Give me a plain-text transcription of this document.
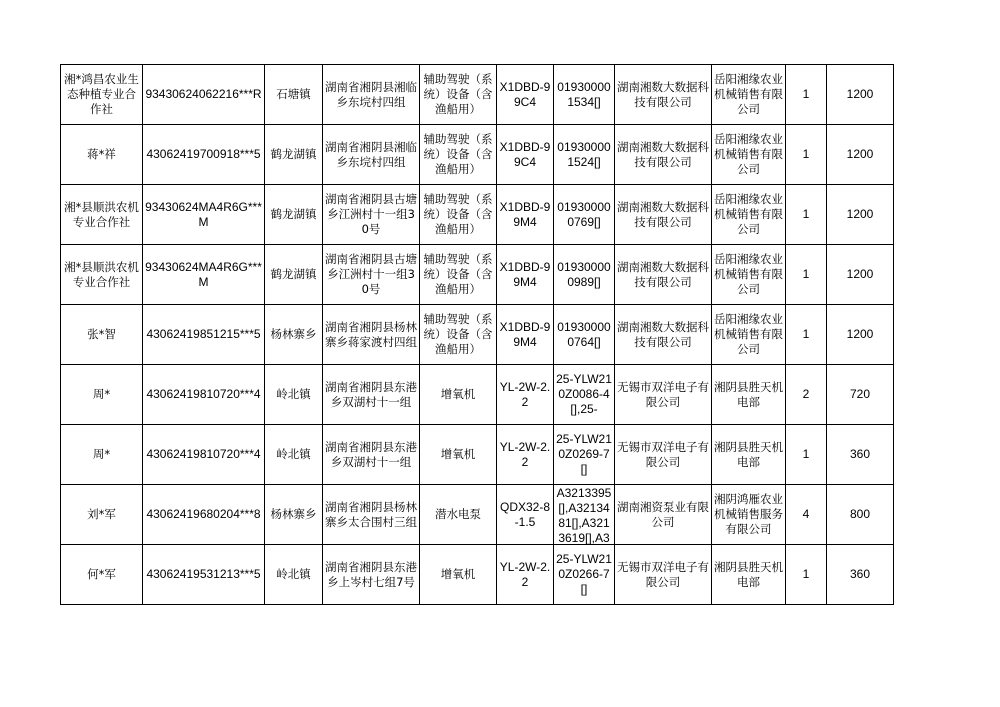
湘*鸿昌农业生态种植专业合作社	93430624062216***R	石塘镇	湖南省湘阴县湘临乡东垸村四组	辅助驾驶（系统）设备（含渔船用）	X1DBD-99C4	019300001534[]	湖南湘数大数据科技有限公司	岳阳湘缘农业机械销售有限公司	1	1200
蒋*祥	43062419700918***5	鹤龙湖镇	湖南省湘阴县湘临乡东垸村四组	辅助驾驶（系统）设备（含渔船用）	X1DBD-99C4	019300001524[]	湖南湘数大数据科技有限公司	岳阳湘缘农业机械销售有限公司	1	1200
湘*县顺洪农机专业合作社	93430624MA4R6G***M	鹤龙湖镇	湖南省湘阴县古塘乡江洲村十一组30号	辅助驾驶（系统）设备（含渔船用）	X1DBD-99M4	019300000769[]	湖南湘数大数据科技有限公司	岳阳湘缘农业机械销售有限公司	1	1200
湘*县顺洪农机专业合作社	93430624MA4R6G***M	鹤龙湖镇	湖南省湘阴县古塘乡江洲村十一组30号	辅助驾驶（系统）设备（含渔船用）	X1DBD-99M4	019300000989[]	湖南湘数大数据科技有限公司	岳阳湘缘农业机械销售有限公司	1	1200
张*智	43062419851215***5	杨林寨乡	湖南省湘阴县杨林寨乡蒋家渡村四组	辅助驾驶（系统）设备（含渔船用）	X1DBD-99M4	019300000764[]	湖南湘数大数据科技有限公司	岳阳湘缘农业机械销售有限公司	1	1200
周*	43062419810720***4	岭北镇	湖南省湘阴县东港乡双湖村十一组	增氧机	YL-2W-2.2	25-YLW210Z0086-4[],25-	无锡市双洋电子有限公司	湘阴县胜天机电部	2	720
周*	43062419810720***4	岭北镇	湖南省湘阴县东港乡双湖村十一组	增氧机	YL-2W-2.2	25-YLW210Z0269-7[]	无锡市双洋电子有限公司	湘阴县胜天机电部	1	360
刘*军	43062419680204***8	杨林寨乡	湖南省湘阴县杨林寨乡太合围村三组	潜水电泵	QDX32-8-1.5	A3213395[],A3213481[],A3213619[],A3	湖南湘资泵业有限公司	湘阴鸿雁农业机械销售服务有限公司	4	800
何*军	43062419531213***5	岭北镇	湖南省湘阴县东港乡上岑村七组7号	增氧机	YL-2W-2.2	25-YLW210Z0266-7[]	无锡市双洋电子有限公司	湘阴县胜天机电部	1	360
